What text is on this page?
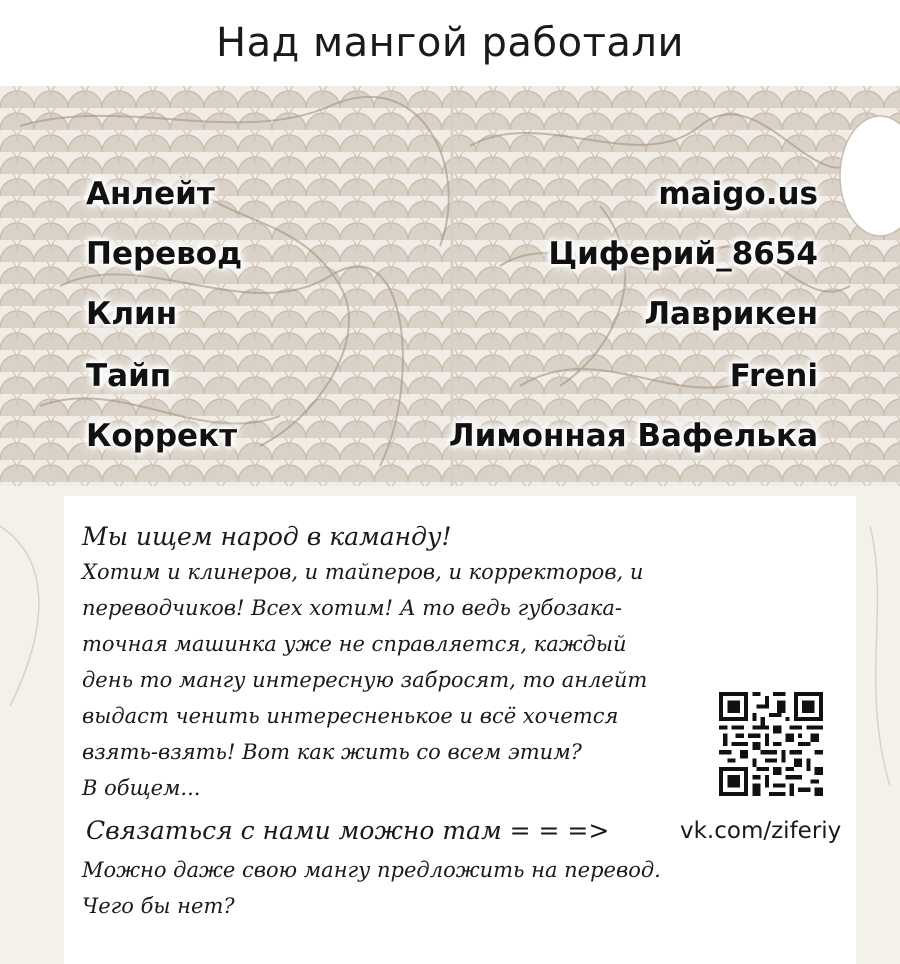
Над мангой работали
Анлейт	maigo.us
Перевод	Циферий_8654
Клин	Лаврикен
Тайп	Freni
Коррект	Лимонная Вафелька
Мы ищем народ в каманду!

Хотим и клинеров, и тайперов, и корректоров, и

переводчиков! Всех хотим! А то ведь губозака-

точная машинка уже не справляется, каждый

день то мангу интересную забросят, то анлейт

выдаст ченить интересненькое и всё хочется

взять-взять! Вот как жить со всем этим?

В общем...

Связаться с нами можно там = = =>	vk.com/ziferiy

Можно даже свою мангу предложить на перевод.

Чего бы нет?
